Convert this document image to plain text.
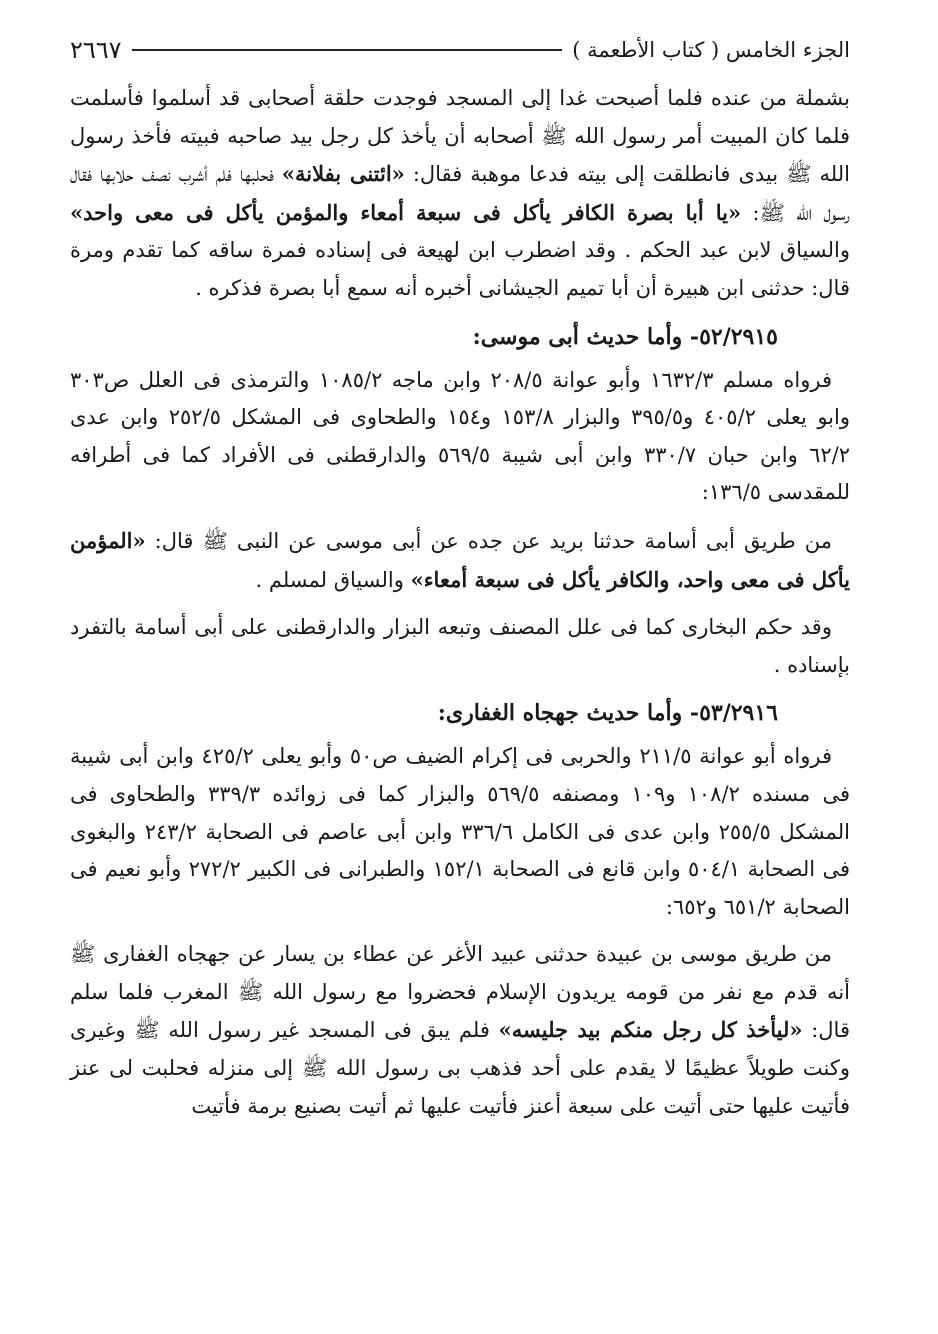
الجزء الخامس ( كتاب الأطعمة )
٢٦٦٧

بشملة من عنده فلما أصبحت غدا إلى المسجد فوجدت حلقة أصحابى قد أسلموا فأسلمت فلما كان المبيت أمر رسول الله ﷺ أصحابه أن يأخذ كل رجل بيد صاحبه فبيته فأخذ رسول الله ﷺ بيدى فانطلقت إلى بيته فدعا موهبة فقال: «ائتنى بفلانة» فحلبها فلم أشرب نصف حلابها فقال رسول الله ﷺ: «يا أبا بصرة الكافر يأكل فى سبعة أمعاء والمؤمن يأكل فى معى واحد» والسياق لابن عبد الحكم . وقد اضطرب ابن لهيعة فى إسناده فمرة ساقه كما تقدم ومرة قال: حدثنى ابن هبيرة أن أبا تميم الجيشانى أخبره أنه سمع أبا بصرة فذكره .

٥٢/٢٩١٥- وأما حديث أبى موسى:

فرواه مسلم ١٦٣٢/٣ وأبو عوانة ٢٠٨/٥ وابن ماجه ١٠٨٥/٢ والترمذى فى العلل ص٣٠٣ وابو يعلى ٤٠٥/٢ و٣٩٥/٥ والبزار ١٥٣/٨ و١٥٤ والطحاوى فى المشكل ٢٥٢/٥ وابن عدى ٦٢/٢ وابن حبان ٣٣٠/٧ وابن أبى شيبة ٥٦٩/٥ والدارقطنى فى الأفراد كما فى أطرافه للمقدسى ١٣٦/٥:

من طريق أبى أسامة حدثنا بريد عن جده عن أبى موسى عن النبى ﷺ قال: «المؤمن يأكل فى معى واحد، والكافر يأكل فى سبعة أمعاء» والسياق لمسلم .

وقد حكم البخارى كما فى علل المصنف وتبعه البزار والدارقطنى على أبى أسامة بالتفرد بإسناده .

٥٣/٢٩١٦- وأما حديث جهجاه الغفارى:

فرواه أبو عوانة ٢١١/٥ والحربى فى إكرام الضيف ص٥٠ وأبو يعلى ٤٢٥/٢ وابن أبى شيبة فى مسنده ١٠٨/٢ و١٠٩ ومصنفه ٥٦٩/٥ والبزار كما فى زوائده ٣٣٩/٣ والطحاوى فى المشكل ٢٥٥/٥ وابن عدى فى الكامل ٣٣٦/٦ وابن أبى عاصم فى الصحابة ٢٤٣/٢ والبغوى فى الصحابة ٥٠٤/١ وابن قانع فى الصحابة ١٥٢/١ والطبرانى فى الكبير ٢٧٢/٢ وأبو نعيم فى الصحابة ٦٥١/٢ و٦٥٢:

من طريق موسى بن عبيدة حدثنى عبيد الأغر عن عطاء بن يسار عن جهجاه الغفارى ﷺ أنه قدم مع نفر من قومه يريدون الإسلام فحضروا مع رسول الله ﷺ المغرب فلما سلم قال: «ليأخذ كل رجل منكم بيد جليسه» فلم يبق فى المسجد غير رسول الله ﷺ وغيرى وكنت طويلاً عظيمًا لا يقدم على أحد فذهب بى رسول الله ﷺ إلى منزله فحلبت لى عنز فأتيت عليها حتى أتيت على سبعة أعنز فأتيت عليها ثم أتيت بصنيع برمة فأتيت
